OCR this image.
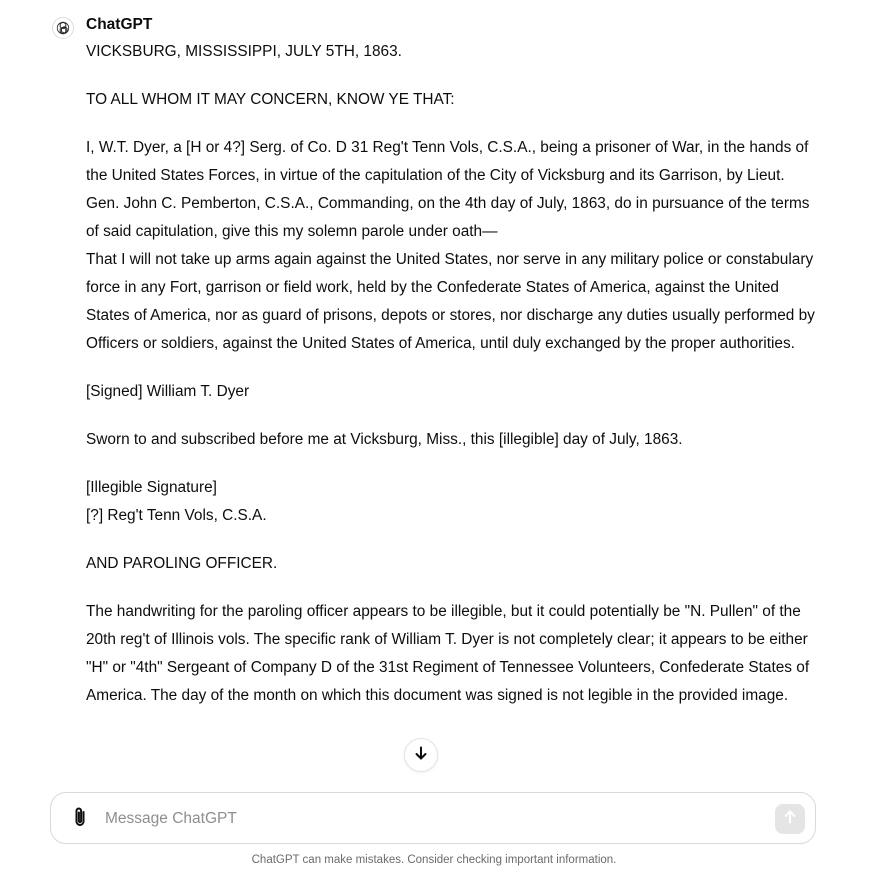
ChatGPT

VICKSBURG, MISSISSIPPI, JULY 5TH, 1863.

TO ALL WHOM IT MAY CONCERN, KNOW YE THAT:

I, W.T. Dyer, a [H or 4?] Serg. of Co. D 31 Reg't Tenn Vols, C.S.A., being a prisoner of War, in the hands of the United States Forces, in virtue of the capitulation of the City of Vicksburg and its Garrison, by Lieut. Gen. John C. Pemberton, C.S.A., Commanding, on the 4th day of July, 1863, do in pursuance of the terms of said capitulation, give this my solemn parole under oath—
That I will not take up arms again against the United States, nor serve in any military police or constabulary force in any Fort, garrison or field work, held by the Confederate States of America, against the United States of America, nor as guard of prisons, depots or stores, nor discharge any duties usually performed by Officers or soldiers, against the United States of America, until duly exchanged by the proper authorities.

[Signed] William T. Dyer

Sworn to and subscribed before me at Vicksburg, Miss., this [illegible] day of July, 1863.

[Illegible Signature]
[?] Reg't Tenn Vols, C.S.A.

AND PAROLING OFFICER.

The handwriting for the paroling officer appears to be illegible, but it could potentially be "N. Pullen" of the 20th reg't of Illinois vols. The specific rank of William T. Dyer is not completely clear; it appears to be either "H" or "4th" Sergeant of Company D of the 31st Regiment of Tennessee Volunteers, Confederate States of America. The day of the month on which this document was signed is not legible in the provided image.

Message ChatGPT
ChatGPT can make mistakes. Consider checking important information.
